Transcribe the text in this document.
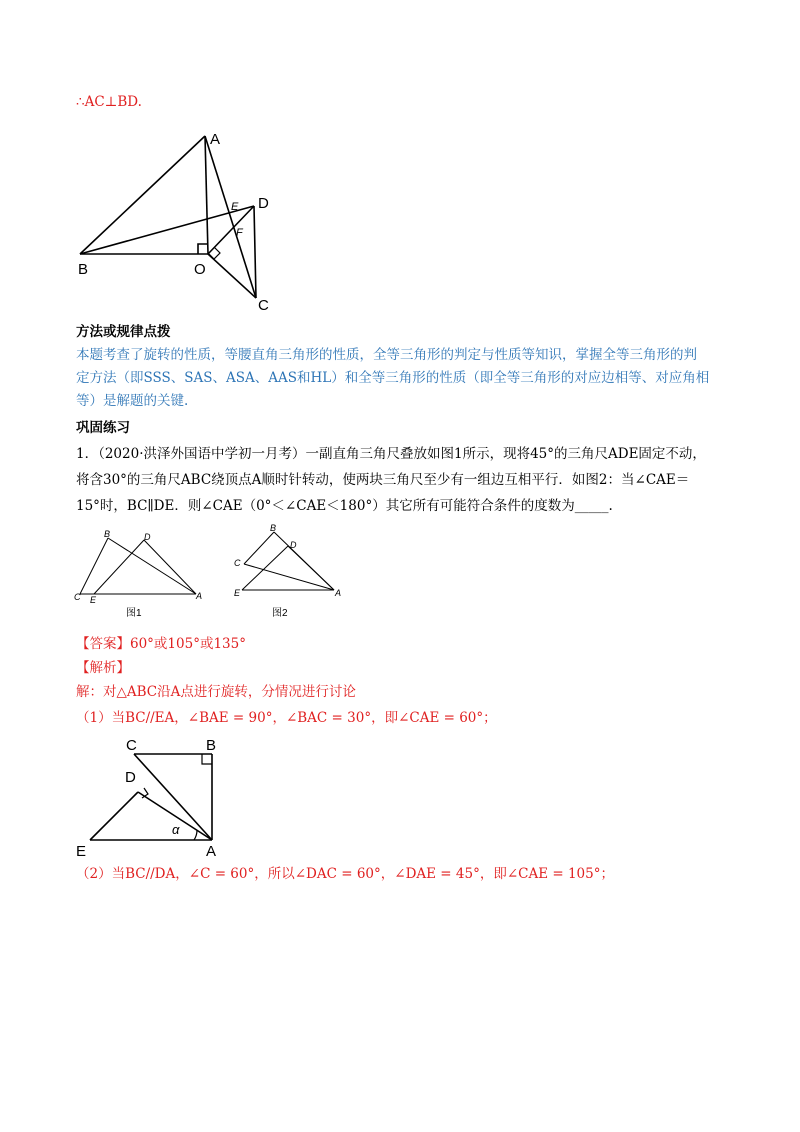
∴AC⊥BD.
A
B	O
C
D
E
F
方法或规律点拨
本题考查了旋转的性质，等腰直角三角形的性质，全等三角形的判定与性质等知识，掌握全等三角形的判
定方法（即SSS、SAS、ASA、AAS和HL）和全等三角形的性质（即全等三角形的对应边相等、对应角相
等）是解题的关键.
巩固练习
1．（2020·洪泽外国语中学初一月考）一副直角三角尺叠放如图1所示，现将45°的三角尺ADE固定不动，
将含30°的三角尺ABC绕顶点A顺时针转动，使两块三角尺至少有一组边互相平行．如图2：当∠CAE＝
15°时，BC∥DE．则∠CAE（0°＜∠CAE＜180°）其它所有可能符合条件的度数为_____.
B	D
C E	A
图1
B
D
C
E	A
图2
【答案】60°或105°或135°
【解析】
解：对△ABC沿A点进行旋转，分情况进行讨论
（1）当BC//EA，∠BAE = 90°，∠BAC = 30°，即∠CAE = 60°；
C	B
D
E	A
α
（2）当BC//DA，∠C = 60°，所以∠DAC = 60°，∠DAE = 45°，即∠CAE = 105°；
